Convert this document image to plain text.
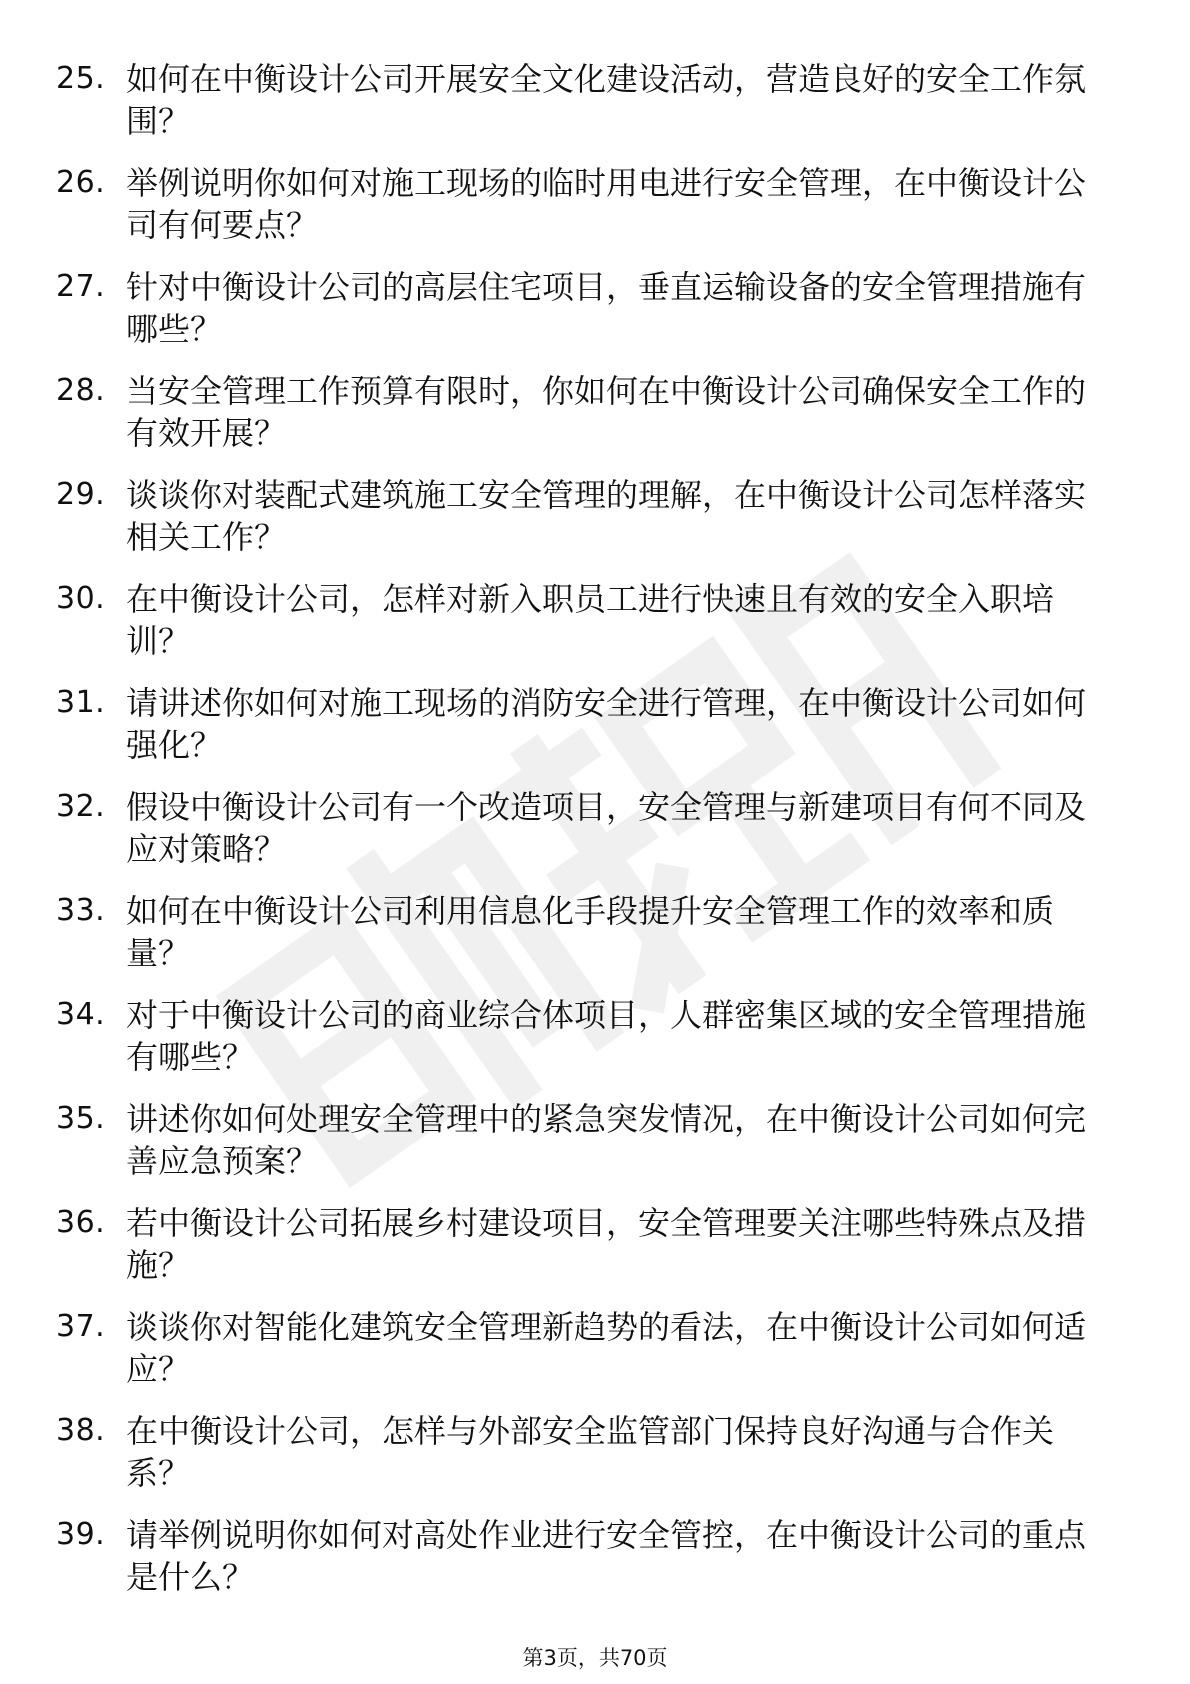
25. 如何在中衡设计公司开展安全文化建设活动，营造良好的安全工作氛围？
26. 举例说明你如何对施工现场的临时用电进行安全管理，在中衡设计公司有何要点？
27. 针对中衡设计公司的高层住宅项目，垂直运输设备的安全管理措施有哪些？
28. 当安全管理工作预算有限时，你如何在中衡设计公司确保安全工作的有效开展？
29. 谈谈你对装配式建筑施工安全管理的理解，在中衡设计公司怎样落实相关工作？
30. 在中衡设计公司，怎样对新入职员工进行快速且有效的安全入职培训？
31. 请讲述你如何对施工现场的消防安全进行管理，在中衡设计公司如何强化？
32. 假设中衡设计公司有一个改造项目，安全管理与新建项目有何不同及应对策略？
33. 如何在中衡设计公司利用信息化手段提升安全管理工作的效率和质量？
34. 对于中衡设计公司的商业综合体项目，人群密集区域的安全管理措施有哪些？
35. 讲述你如何处理安全管理中的紧急突发情况，在中衡设计公司如何完善应急预案？
36. 若中衡设计公司拓展乡村建设项目，安全管理要关注哪些特殊点及措施？
37. 谈谈你对智能化建筑安全管理新趋势的看法，在中衡设计公司如何适应？
38. 在中衡设计公司，怎样与外部安全监管部门保持良好沟通与合作关系？
39. 请举例说明你如何对高处作业进行安全管控，在中衡设计公司的重点是什么？
第3页，共70页
